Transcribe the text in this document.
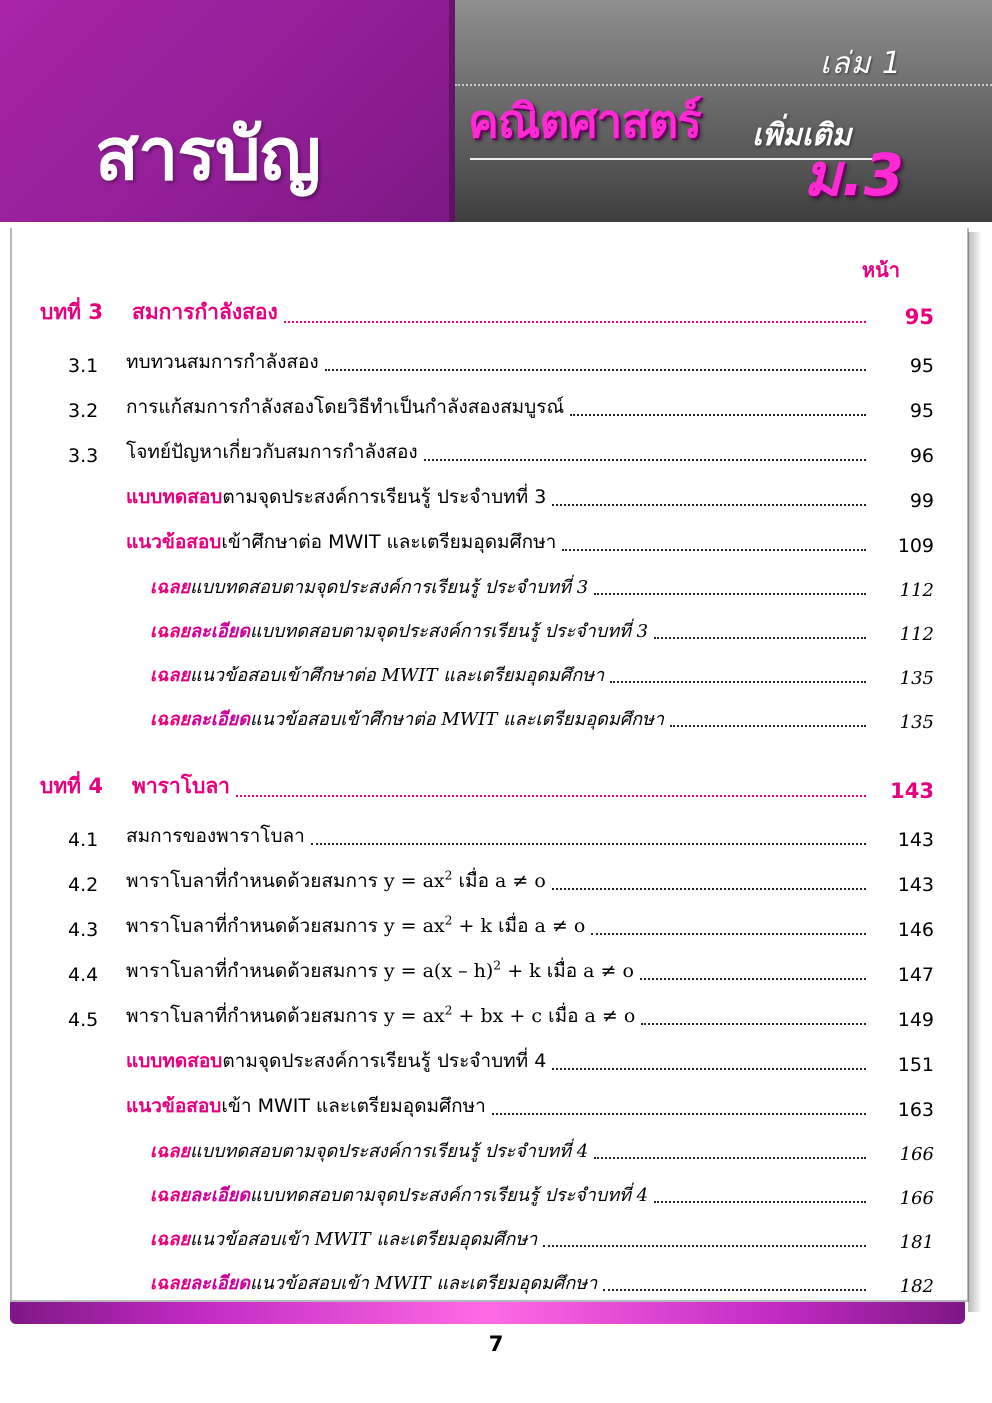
เล่ม 1
สารบัญ	คณิตศาสตร์ เพิ่มเติม
ม.3
หน้า
บทที่ 3	สมการกำลังสอง	95
3.1	ทบทวนสมการกำลังสอง	95
3.2	การแก้สมการกำลังสองโดยวิธีทำเป็นกำลังสองสมบูรณ์	95
3.3	โจทย์ปัญหาเกี่ยวกับสมการกำลังสอง	96
แบบทดสอบตามจุดประสงค์การเรียนรู้ ประจำบทที่ 3	99
แนวข้อสอบเข้าศึกษาต่อ MWIT และเตรียมอุดมศึกษา	109
เฉลยแบบทดสอบตามจุดประสงค์การเรียนรู้ ประจำบทที่ 3	112
เฉลยละเอียดแบบทดสอบตามจุดประสงค์การเรียนรู้ ประจำบทที่ 3	112
เฉลยแนวข้อสอบเข้าศึกษาต่อ MWIT และเตรียมอุดมศึกษา	135
เฉลยละเอียดแนวข้อสอบเข้าศึกษาต่อ MWIT และเตรียมอุดมศึกษา	135
บทที่ 4	พาราโบลา	143
4.1	สมการของพาราโบลา	143
4.2	พาราโบลาที่กำหนดด้วยสมการ $y = ax^2$ เมื่อ a ≠ o	143
4.3	พาราโบลาที่กำหนดด้วยสมการ $y = ax^2 + k$ เมื่อ a ≠ o	146
4.4	พาราโบลาที่กำหนดด้วยสมการ y = a(x – h)$^2$ + k เมื่อ a ≠ o	147
4.5	พาราโบลาที่กำหนดด้วยสมการ $y = ax^2$ + bx + c เมื่อ a ≠ o	149
แบบทดสอบตามจุดประสงค์การเรียนรู้ ประจำบทที่ 4	151
แนวข้อสอบเข้า MWIT และเตรียมอุดมศึกษา	163
เฉลยแบบทดสอบตามจุดประสงค์การเรียนรู้ ประจำบทที่ 4	166
เฉลยละเอียดแบบทดสอบตามจุดประสงค์การเรียนรู้ ประจำบทที่ 4	166
เฉลยแนวข้อสอบเข้า MWIT และเตรียมอุดมศึกษา	181
เฉลยละเอียดแนวข้อสอบเข้า MWIT และเตรียมอุดมศึกษา	182
7
